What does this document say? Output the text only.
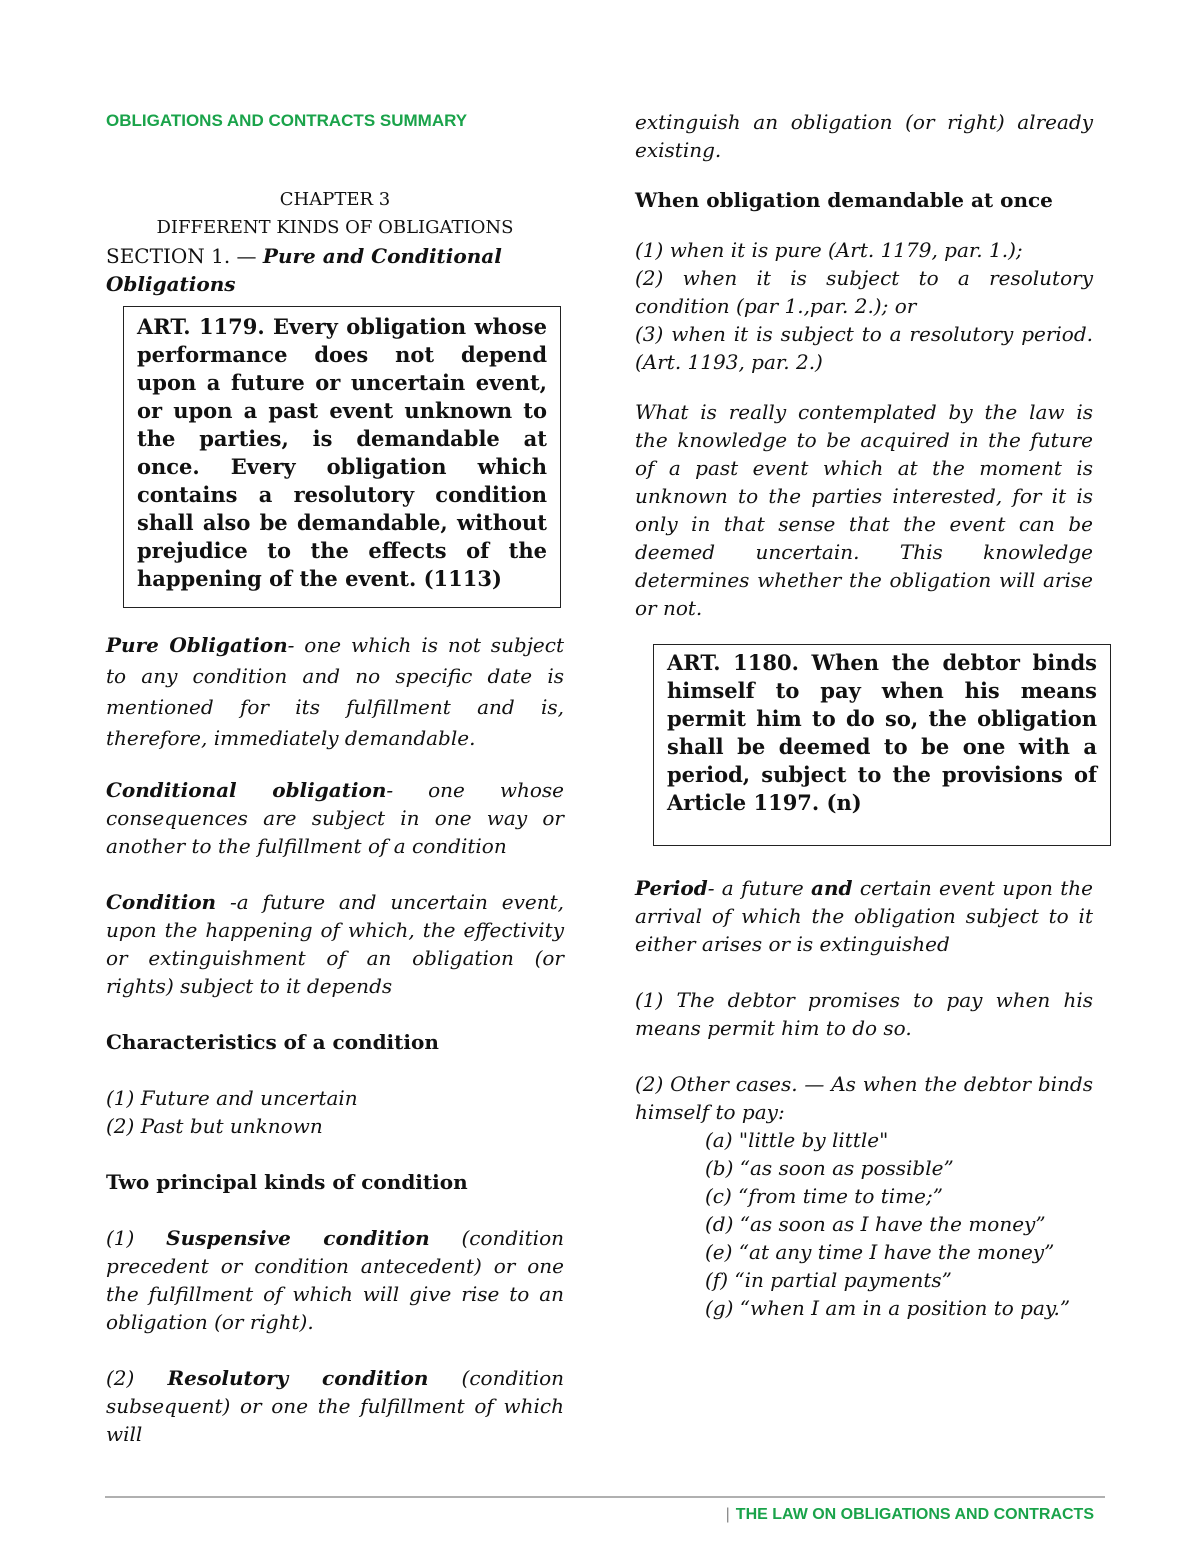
OBLIGATIONS AND CONTRACTS SUMMARY

CHAPTER 3
DIFFERENT KINDS OF OBLIGATIONS

SECTION 1. — Pure and Conditional Obligations

ART. 1179. Every obligation whose performance does not depend upon a future or uncertain event, or upon a past event unknown to the parties, is demandable at once. Every obligation which contains a resolutory condition shall also be demandable, without prejudice to the effects of the happening of the event. (1113)

Pure Obligation- one which is not subject to any condition and no specific date is mentioned for its fulfillment and is, therefore, immediately demandable.

Conditional obligation- one whose consequences are subject in one way or another to the fulfillment of a condition

Condition -a future and uncertain event, upon the happening of which, the effectivity or extinguishment of an obligation (or rights) subject to it depends

Characteristics of a condition

(1) Future and uncertain

(2) Past but unknown

Two principal kinds of condition

(1) Suspensive condition (condition precedent or condition antecedent) or one the fulfillment of which will give rise to an obligation (or right).

(2) Resolutory condition (condition subsequent) or one the fulfillment of which will

extinguish an obligation (or right) already existing.

When obligation demandable at once

(1) when it is pure (Art. 1179, par. 1.);

(2) when it is subject to a resolutory condition (par 1.,par. 2.); or

(3) when it is subject to a resolutory period. (Art. 1193, par. 2.)

What is really contemplated by the law is the knowledge to be acquired in the future of a past event which at the moment is unknown to the parties interested, for it is only in that sense that the event can be deemed uncertain. This knowledge determines whether the obligation will arise or not.

ART. 1180. When the debtor binds himself to pay when his means permit him to do so, the obligation shall be deemed to be one with a period, subject to the provisions of Article 1197. (n)

Period- a future and certain event upon the arrival of which the obligation subject to it either arises or is extinguished

(1) The debtor promises to pay when his means permit him to do so.

(2) Other cases. — As when the debtor binds himself to pay:

(a) "little by little"

(b) “as soon as possible”

(c) “from time to time;”

(d) “as soon as I have the money”

(e) “at any time I have the money”

(f) “in partial payments”

(g) “when I am in a position to pay.”

| THE LAW ON OBLIGATIONS AND CONTRACTS
